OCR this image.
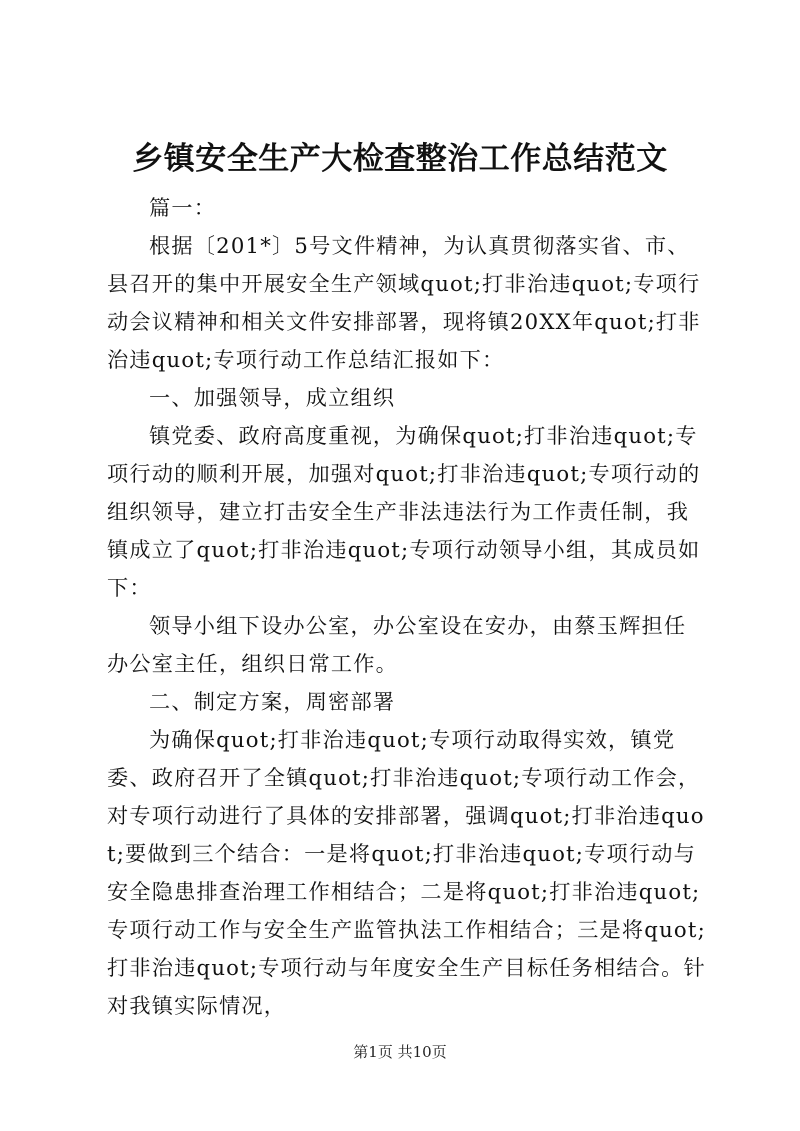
乡镇安全生产大检查整治工作总结范文

篇一：

根据〔201*〕5号文件精神，为认真贯彻落实省、市、县召开的集中开展安全生产领域quot;打非治违quot;专项行动会议精神和相关文件安排部署，现将镇20XX年quot;打非治违quot;专项行动工作总结汇报如下：

一、加强领导，成立组织

镇党委、政府高度重视，为确保quot;打非治违quot;专项行动的顺利开展，加强对quot;打非治违quot;专项行动的组织领导，建立打击安全生产非法违法行为工作责任制，我镇成立了quot;打非治违quot;专项行动领导小组，其成员如下：

领导小组下设办公室，办公室设在安办，由蔡玉辉担任办公室主任，组织日常工作。

二、制定方案，周密部署

为确保quot;打非治违quot;专项行动取得实效，镇党委、政府召开了全镇quot;打非治违quot;专项行动工作会，对专项行动进行了具体的安排部署，强调quot;打非治违quot;要做到三个结合：一是将quot;打非治违quot;专项行动与安全隐患排查治理工作相结合；二是将quot;打非治违quot;专项行动工作与安全生产监管执法工作相结合；三是将quot;打非治违quot;专项行动与年度安全生产目标任务相结合。针对我镇实际情况，

第1页 共10页
